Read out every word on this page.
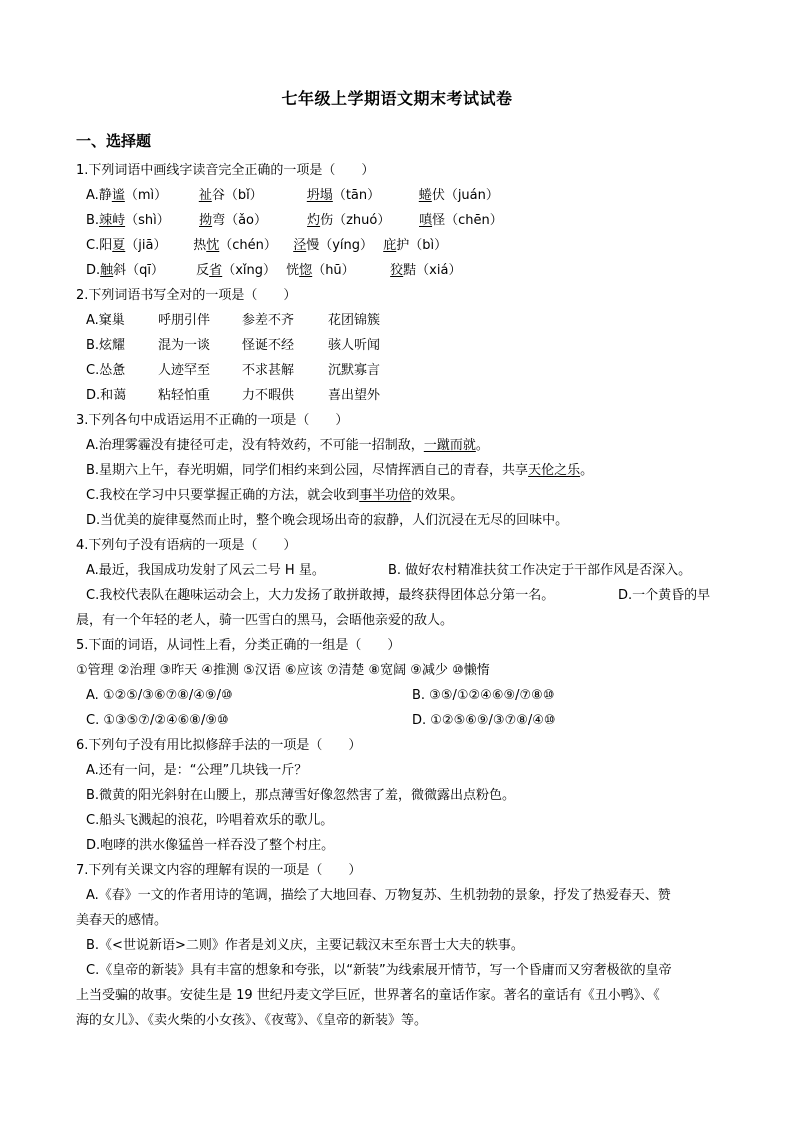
七年级上学期语文期末考试试卷
一、选择题
1.下列词语中画线字读音完全正确的一项是（　　）
A.静谧（mì） 祉谷（bǐ）	坍塌（tān）	蜷伏（juán）
B.竦峙（shì） 拗弯（ǎo）	灼伤（zhuó） 嗔怪（chēn）
C.阳夏（jiā） 热忱（chén） 泾慢（yíng） 庇护（bì）
D.触斜（qī） 反省（xǐng） 恍惚（hū）	狡黠（xiá）
2.下列词语书写全对的一项是（　　）
A.窠巢	呼朋引伴 参差不齐	花团锦簇
B.炫耀	混为一谈 怪诞不经	骇人听闻
C.怂惫	人迹罕至 不求甚解	沉默寡言
D.和蔼 粘轻怕重 力不暇供	喜出望外
3.下列各句中成语运用不正确的一项是（　　）
A.治理雾霾没有捷径可走，没有特效药，不可能一招制敌，一蹴而就。
B.星期六上午，春光明媚，同学们相约来到公园，尽情挥洒自己的青春，共享天伦之乐。
C.我校在学习中只要掌握正确的方法，就会收到事半功倍的效果。
D.当优美的旋律戛然而止时，整个晚会现场出奇的寂静，人们沉浸在无尽的回味中。
4.下列句子没有语病的一项是（　　）
A.最近，我国成功发射了风云二号 H 星。	B. 做好农村精准扶贫工作决定于干部作风是否深入。
C.我校代表队在趣味运动会上，大力发扬了敢拼敢搏，最终获得团体总分第一名。	D.一个黄昏的早
晨，有一个年轻的老人，骑一匹雪白的黑马，会晤他亲爱的敌人。
5.下面的词语，从词性上看，分类正确的一组是（　　）
①管理 ②治理 ③昨天 ④推测 ⑤汉语 ⑥应该 ⑦清楚 ⑧宽阔 ⑨减少 ⑩懒惰
A. ①②⑤/③⑥⑦⑧/④⑨/⑩	B. ③⑤/①②④⑥⑨/⑦⑧⑩
C. ①③⑤⑦/②④⑥⑧/⑨⑩	D. ①②⑤⑥⑨/③⑦⑧/④⑩
6.下列句子没有用比拟修辞手法的一项是（　　）
A.还有一问，是：“公理”几块钱一斤？
B.微黄的阳光斜射在山腰上，那点薄雪好像忽然害了羞，微微露出点粉色。
C.船头飞溅起的浪花，吟唱着欢乐的歌儿。
D.咆哮的洪水像猛兽一样吞没了整个村庄。
7.下列有关课文内容的理解有误的一项是（　　）
A.《春》一文的作者用诗的笔调，描绘了大地回春、万物复苏、生机勃勃的景象，抒发了热爱春天、赞
美春天的感情。
B.《<世说新语>二则》作者是刘义庆，主要记载汉末至东晋士大夫的轶事。
C.《皇帝的新装》具有丰富的想象和夸张，以“新装”为线索展开情节，写一个昏庸而又穷奢极欲的皇帝
上当受骗的故事。安徒生是 19 世纪丹麦文学巨匠，世界著名的童话作家。著名的童话有《丑小鸭》、《
海的女儿》、《卖火柴的小女孩》、《夜莺》、《皇帝的新装》等。
